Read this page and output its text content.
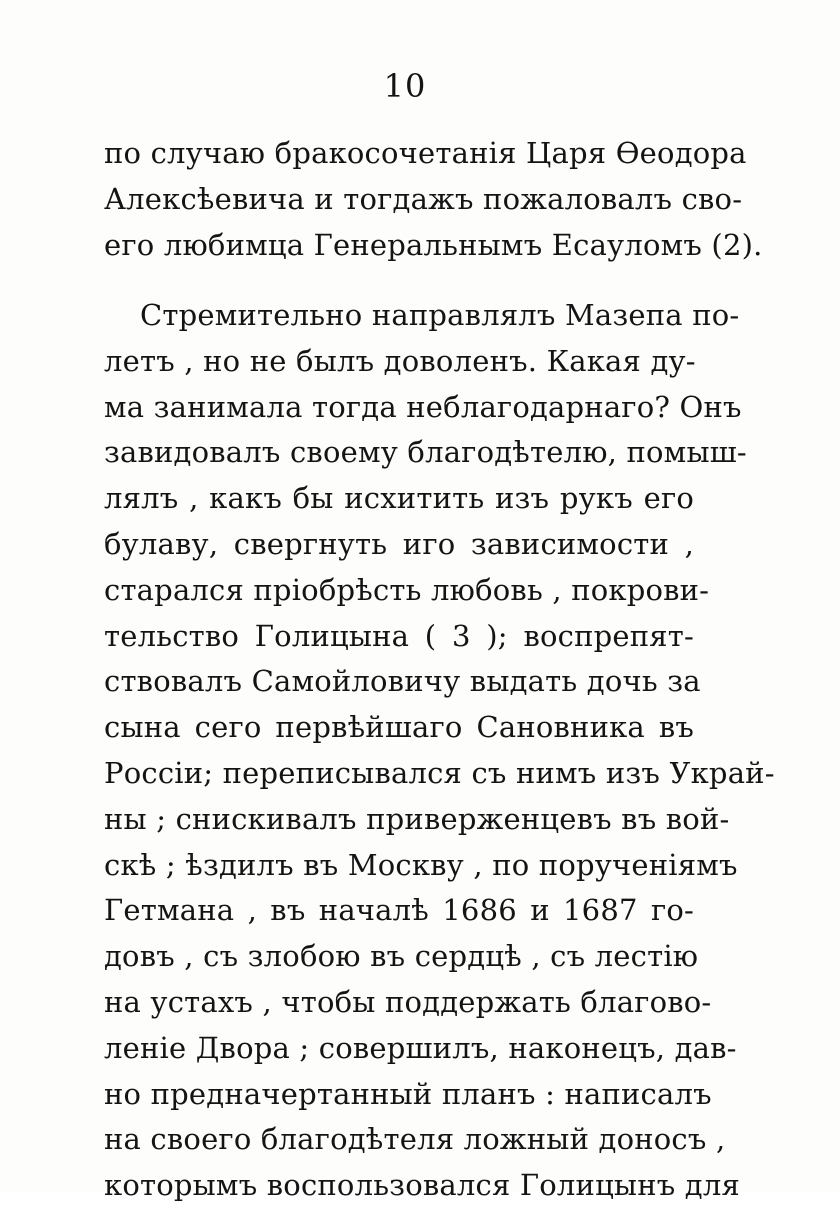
10
по случаю бракосочетанія Царя Ѳеодора
Алексѣевича и тогдажъ пожаловалъ сво-
его любимца Генеральнымъ Есауломъ (2).
Стремительно направлялъ Мазепа по-
летъ , но не былъ доволенъ. Какая ду-
ма занимала тогда неблагодарнаго? Онъ
завидовалъ своему благодѣтелю, помыш-
лялъ , какъ бы исхитить изъ рукъ его
булаву, свергнуть иго зависимости ,
старался пріобрѣсть любовь , покрови-
тельство Голицына ( 3 ); воспрепят-
ствовалъ Самойловичу выдать дочь за
сына сего первѣйшаго Сановника въ
Россіи; переписывался съ нимъ изъ Украй-
ны ; снискивалъ приверженцевъ въ вой-
скѣ ; ѣздилъ въ Москву , по порученіямъ
Гетмана , въ началѣ 1686 и 1687 го-
довъ , съ злобою въ сердцѣ , съ лестію
на устахъ , чтобы поддержать благово-
леніе Двора ; совершилъ, наконецъ, дав-
но предначертанный планъ : написалъ
на своего благодѣтеля ложный доносъ ,
которымъ воспользовался Голицынъ для
